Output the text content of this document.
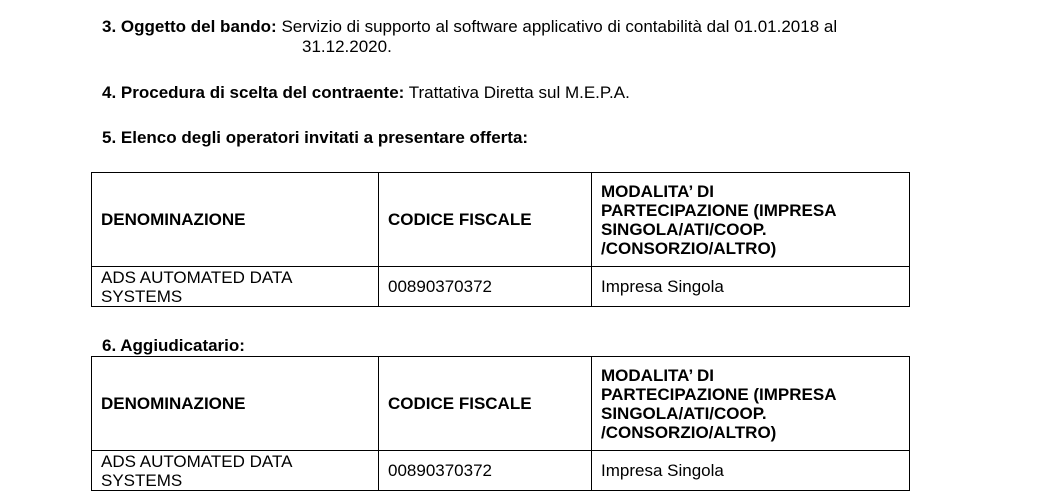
3. Oggetto del bando: Servizio di supporto al software applicativo di contabilità dal 01.01.2018 al
31.12.2020.
4. Procedura di scelta del contraente: Trattativa Diretta sul M.E.P.A.
5. Elenco degli operatori invitati a presentare offerta:
DENOMINAZIONE	CODICE FISCALE	MODALITA’ DI
PARTECIPAZIONE (IMPRESA
SINGOLA/ATI/COOP.
/CONSORZIO/ALTRO)
ADS AUTOMATED DATA
SYSTEMS	00890370372	Impresa Singola
6. Aggiudicatario:
DENOMINAZIONE	CODICE FISCALE	MODALITA’ DI
PARTECIPAZIONE (IMPRESA
SINGOLA/ATI/COOP.
/CONSORZIO/ALTRO)
ADS AUTOMATED DATA
SYSTEMS	00890370372	Impresa Singola
